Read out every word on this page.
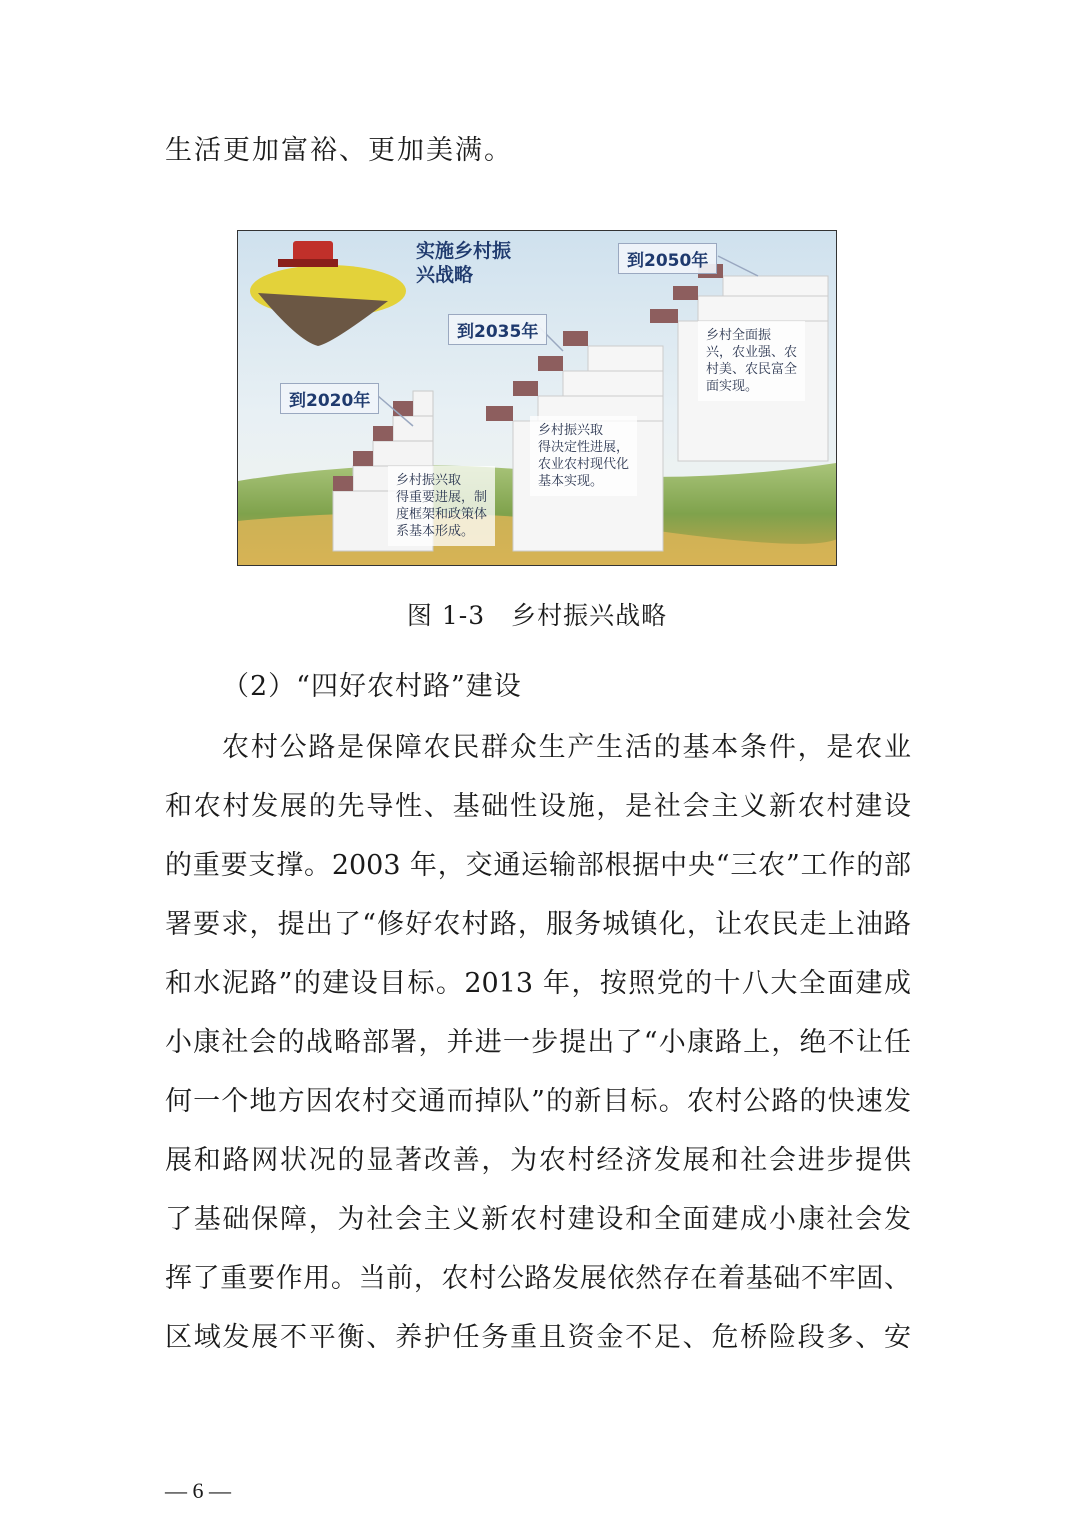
生活更加富裕、更加美满。
实施乡村振兴战略
到2020年
到2035年
到2050年
乡村振兴取
得重要进展，制
度框架和政策体
系基本形成。
乡村振兴取
得决定性进展，
农业农村现代化
基本实现。
乡村全面振
兴，农业强、农
村美、农民富全
面实现。
图 1-3　乡村振兴战略
（2）“四好农村路”建设
农村公路是保障农民群众生产生活的基本条件，是农业
和农村发展的先导性、基础性设施，是社会主义新农村建设
的重要支撑。2003 年，交通运输部根据中央“三农”工作的部
署要求，提出了“修好农村路，服务城镇化，让农民走上油路
和水泥路”的建设目标。2013 年，按照党的十八大全面建成
小康社会的战略部署，并进一步提出了“小康路上，绝不让任
何一个地方因农村交通而掉队”的新目标。农村公路的快速发
展和路网状况的显著改善，为农村经济发展和社会进步提供
了基础保障，为社会主义新农村建设和全面建成小康社会发
挥了重要作用。当前，农村公路发展依然存在着基础不牢固、
区域发展不平衡、养护任务重且资金不足、危桥险段多、安
— 6 —
